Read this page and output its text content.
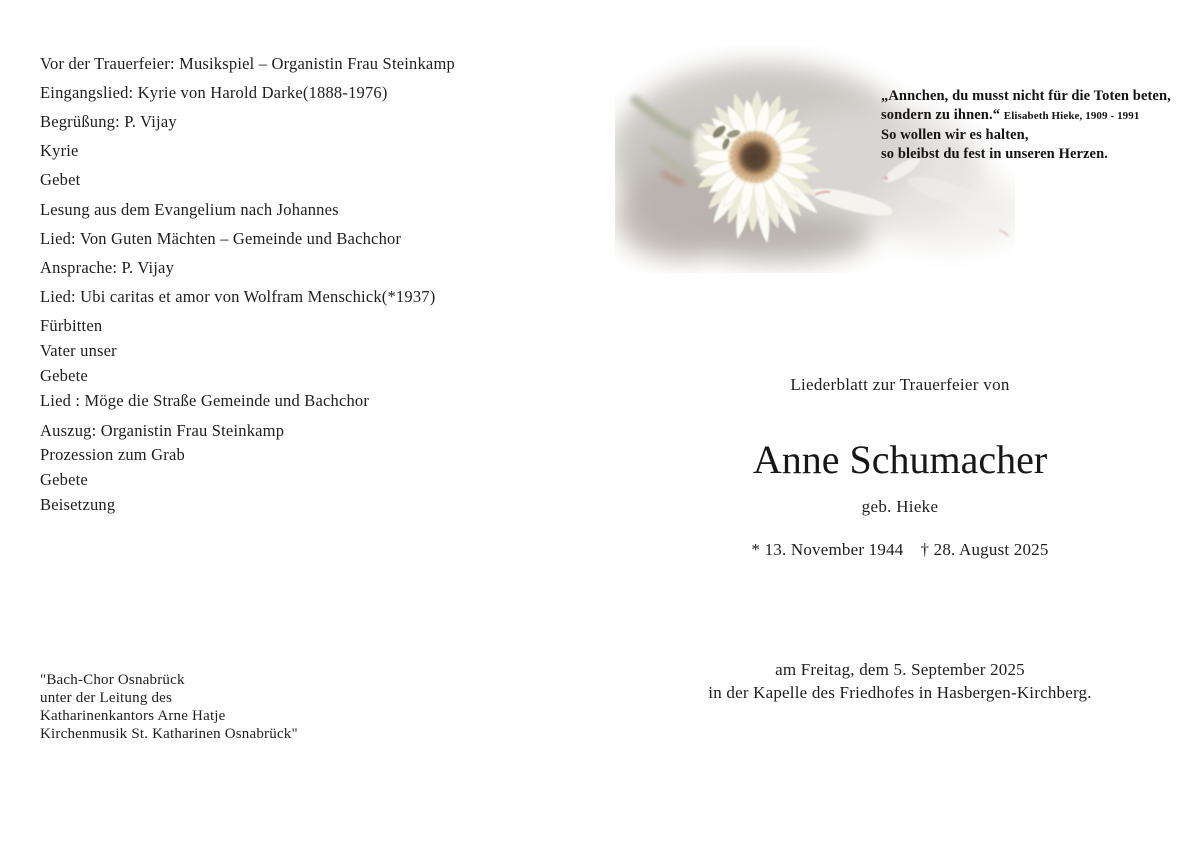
Vor der Trauerfeier: Musikspiel – Organistin Frau Steinkamp
Eingangslied: Kyrie von Harold Darke(1888-1976)
Begrüßung: P. Vijay
Kyrie
Gebet
Lesung aus dem Evangelium nach Johannes
Lied: Von Guten Mächten – Gemeinde und Bachchor
Ansprache: P. Vijay
Lied: Ubi caritas et amor von Wolfram Menschick(*1937)
Fürbitten
Vater unser
Gebete
Lied : Möge die Straße Gemeinde und Bachchor
Auszug: Organistin Frau Steinkamp
Prozession zum Grab
Gebete
Beisetzung
"Bach-Chor Osnabrück
unter der Leitung des
Katharinenkantors Arne Hatje
Kirchenmusik St. Katharinen Osnabrück"
„Annchen, du musst nicht für die Toten beten,
sondern zu ihnen.“ Elisabeth Hieke, 1909 - 1991
So wollen wir es halten,
so bleibst du fest in unseren Herzen.
Liederblatt zur Trauerfeier von
Anne Schumacher
geb. Hieke
* 13. November 1944 † 28. August 2025
am Freitag, dem 5. September 2025
in der Kapelle des Friedhofes in Hasbergen-Kirchberg.
